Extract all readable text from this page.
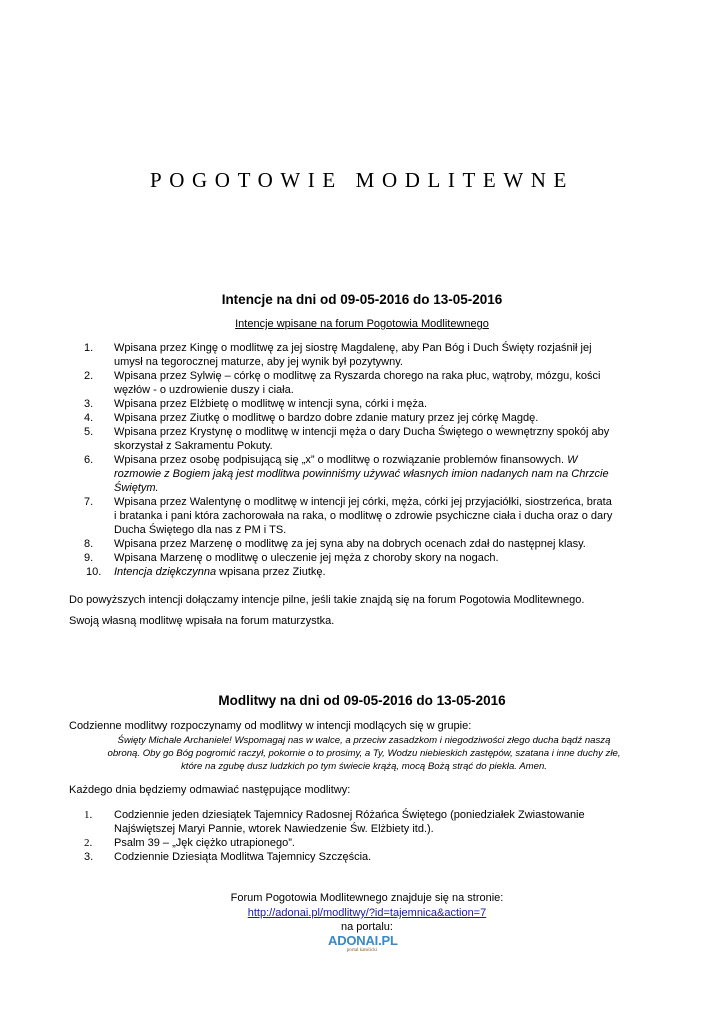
POGOTOWIE MODLITEWNE
Intencje na dni od 09-05-2016 do 13-05-2016
Intencje wpisane na forum Pogotowia Modlitewnego
1. Wpisana przez Kingę o modlitwę za jej siostrę Magdalenę, aby Pan Bóg i Duch Święty rozjaśnił jej
umysł na tegorocznej maturze, aby jej wynik był pozytywny.
2. Wpisana przez Sylwię – córkę o modlitwę za Ryszarda chorego na raka płuc, wątroby, mózgu, kości
węzłów - o uzdrowienie duszy i ciała.
3. Wpisana przez Elżbietę o modlitwę w intencji syna, córki i męża.
4. Wpisana przez Ziutkę o modlitwę o bardzo dobre zdanie matury przez jej córkę Magdę.
5. Wpisana przez Krystynę o modlitwę w intencji męża o dary Ducha Świętego o wewnętrzny spokój aby
skorzystał z Sakramentu Pokuty.
6. Wpisana przez osobę podpisującą się „x” o modlitwę o rozwiązanie problemów finansowych. W
rozmowie z Bogiem jaką jest modlitwa powinniśmy używać własnych imion nadanych nam na Chrzcie
Świętym.
7. Wpisana przez Walentynę o modlitwę w intencji jej córki, męża, córki jej przyjaciółki, siostrzeńca, brata
i bratanka i pani która zachorowała na raka, o modlitwę o zdrowie psychiczne ciała i ducha oraz o dary
Ducha Świętego dla nas z PM i TS.
8. Wpisana przez Marzenę o modlitwę za jej syna aby na dobrych ocenach zdał do następnej klasy.
9. Wpisana Marzenę o modlitwę o uleczenie jej męża z choroby skory na nogach.
10. Intencja dziękczynna wpisana przez Ziutkę.
Do powyższych intencji dołączamy intencje pilne, jeśli takie znajdą się na forum Pogotowia Modlitewnego.
Swoją własną modlitwę wpisała na forum maturzystka.
Modlitwy na dni od 09-05-2016 do 13-05-2016
Codzienne modlitwy rozpoczynamy od modlitwy w intencji modlących się w grupie:
Święty Michale Archaniele! Wspomagaj nas w walce, a przeciw zasadzkom i niegodziwości złego ducha bądź naszą
obroną. Oby go Bóg pogromić raczył, pokornie o to prosimy, a Ty, Wodzu niebieskich zastępów, szatana i inne duchy złe,
które na zgubę dusz ludzkich po tym świecie krążą, mocą Bożą strąć do piekła. Amen.
Każdego dnia będziemy odmawiać następujące modlitwy:
1. Codziennie jeden dziesiątek Tajemnicy Radosnej Różańca Świętego (poniedziałek Zwiastowanie
Najświętszej Maryi Pannie, wtorek Nawiedzenie Św. Elżbiety itd.).
2. Psalm 39 – „Jęk ciężko utrapionego”.
3. Codziennie Dziesiąta Modlitwa Tajemnicy Szczęścia.
Forum Pogotowia Modlitewnego znajduje się na stronie:
http://adonai.pl/modlitwy/?id=tajemnica&action=7
na portalu:
ADONAI.PL
portal katolicki
